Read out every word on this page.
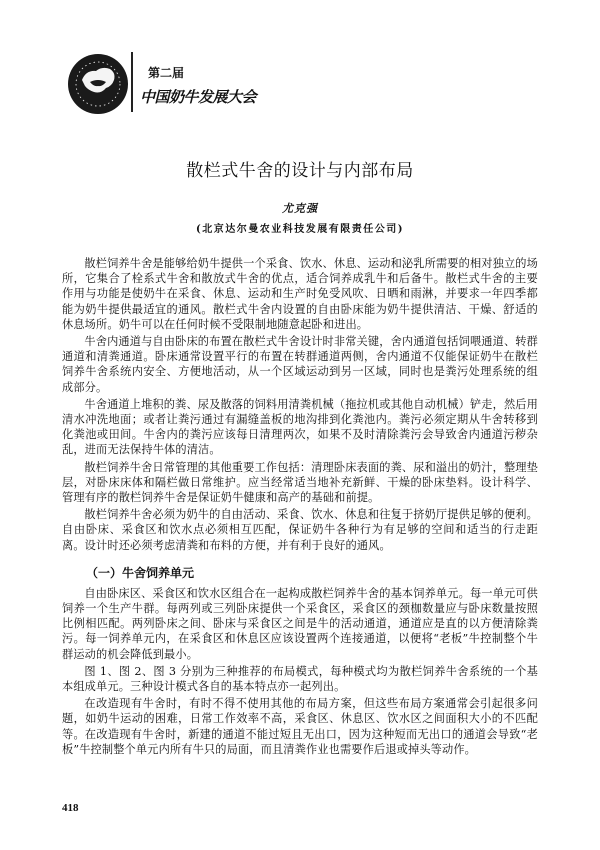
第二届
中国奶牛发展大会
散栏式牛舍的设计与内部布局
尤克强
(北京达尔曼农业科技发展有限责任公司)

散栏饲养牛舍是能够给奶牛提供一个采食、饮水、休息、运动和泌乳所需要的相对独立的场所，它集合了栓系式牛舍和散放式牛舍的优点，适合饲养成乳牛和后备牛。散栏式牛舍的主要作用与功能是使奶牛在采食、休息、运动和生产时免受风吹、日晒和雨淋，并要求一年四季都能为奶牛提供最适宜的通风。散栏式牛舍内设置的自由卧床能为奶牛提供清洁、干燥、舒适的休息场所。奶牛可以在任何时候不受限制地随意起卧和进出。

牛舍内通道与自由卧床的布置在散栏式牛舍设计时非常关键，舍内通道包括饲喂通道、转群通道和清粪通道。卧床通常设置平行的布置在转群通道两侧，舍内通道不仅能保证奶牛在散栏饲养牛舍系统内安全、方便地活动，从一个区域运动到另一区域，同时也是粪污处理系统的组成部分。

牛舍通道上堆积的粪、尿及散落的饲料用清粪机械（拖拉机或其他自动机械）铲走，然后用清水冲洗地面；或者让粪污通过有漏缝盖板的地沟排到化粪池内。粪污必须定期从牛舍转移到化粪池或田间。牛舍内的粪污应该每日清理两次，如果不及时清除粪污会导致舍内通道污秽杂乱，进而无法保持牛体的清洁。

散栏饲养牛舍日常管理的其他重要工作包括：清理卧床表面的粪、尿和溢出的奶汁，整理垫层，对卧床床体和隔栏做日常维护。应当经常适当地补充新鲜、干燥的卧床垫料。设计科学、管理有序的散栏饲养牛舍是保证奶牛健康和高产的基础和前提。

散栏饲养牛舍必须为奶牛的自由活动、采食、饮水、休息和往复于挤奶厅提供足够的便利。自由卧床、采食区和饮水点必须相互匹配，保证奶牛各种行为有足够的空间和适当的行走距离。设计时还必须考虑清粪和布料的方便，并有利于良好的通风。

（一）牛舍饲养单元

自由卧床区、采食区和饮水区组合在一起构成散栏饲养牛舍的基本饲养单元。每一单元可供饲养一个生产牛群。每两列或三列卧床提供一个采食区，采食区的颈枷数量应与卧床数量按照比例相匹配。两列卧床之间、卧床与采食区之间是牛的活动通道，通道应是直的以方便清除粪污。每一饲养单元内，在采食区和休息区应该设置两个连接通道，以便将“老板”牛控制整个牛群运动的机会降低到最小。

图 1、图 2、图 3 分别为三种推荐的布局模式，每种模式均为散栏饲养牛舍系统的一个基本组成单元。三种设计模式各自的基本特点亦一起列出。

在改造现有牛舍时，有时不得不使用其他的布局方案，但这些布局方案通常会引起很多问题，如奶牛运动的困难，日常工作效率不高，采食区、休息区、饮水区之间面积大小的不匹配等。在改造现有牛舍时，新建的通道不能过短且无出口，因为这种短而无出口的通道会导致“老板”牛控制整个单元内所有牛只的局面，而且清粪作业也需要作后退或掉头等动作。

418
